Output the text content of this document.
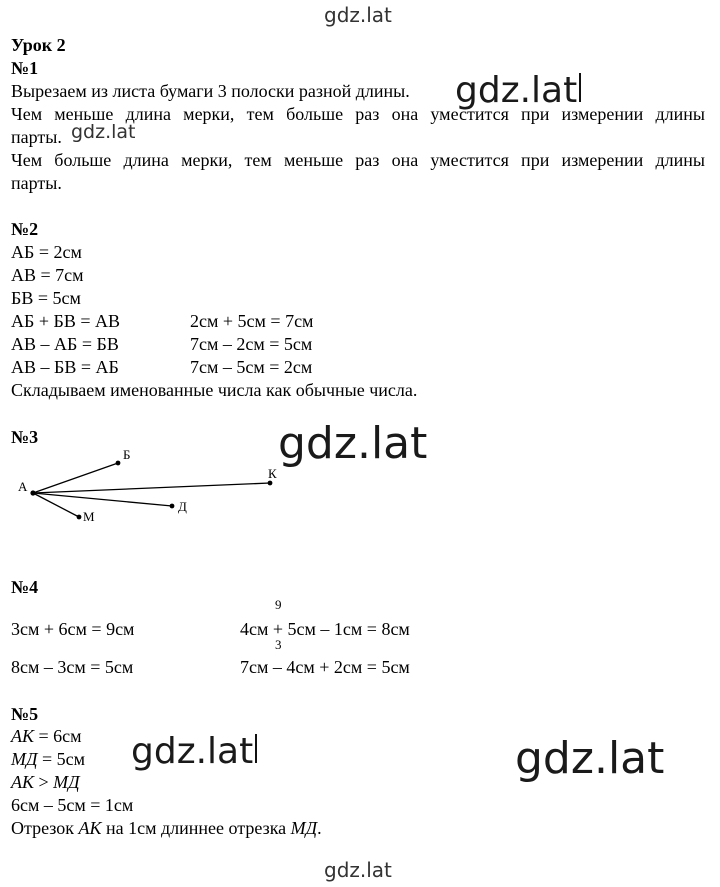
gdz.lat
Урок 2
№1
Вырезаем из листа бумаги 3 полоски разной длины. gdz.lat
Чем меньше длина мерки, тем больше раз она уместится при измерении длины
парты. gdz.lat
Чем больше длина мерки, тем меньше раз она уместится при измерении длины
парты.
№2
АБ = 2см
АВ = 7см
БВ = 5см
АБ + БВ = АВ	2см + 5см = 7см
АВ – АБ = БВ	7см – 2см = 5см
АВ – БВ = АБ	7см – 5см = 2см
Складываем именованные числа как обычные числа.
№3	gdz.lat
А
Б
К
Д
М
№4
9
3см + 6см = 9см	4см + 5см – 1см = 8см
3
8см – 3см = 5см	7см – 4см + 2см = 5см
№5
АК = 6см
МД = 5см gdz.lat
АК > МД	gdz.lat
6см – 5см = 1см
Отрезок АК на 1см длиннее отрезка МД.
gdz.lat
